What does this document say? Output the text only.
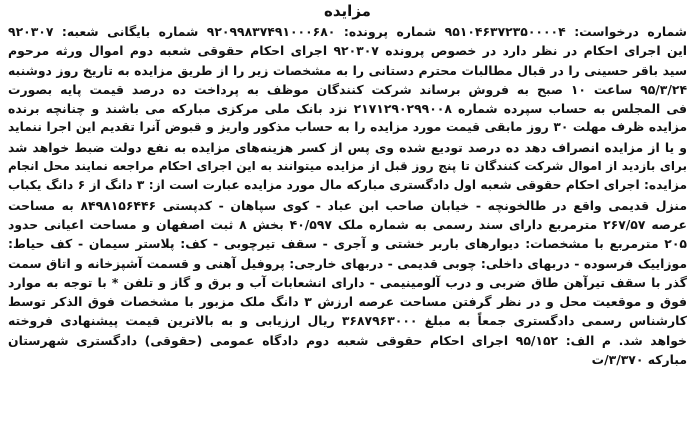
مزایده
شماره درخواست: ۹۵۱۰۴۶۳۷۲۳۵۰۰۰۰۴ شماره پرونده: ۹۲۰۹۹۸۳۷۴۹۱۰۰۰۶۸۰ شماره بایگانی شعبه: ۹۲۰۳۰۷
این اجرای احکام در نظر دارد در خصوص پرونده ۹۲۰۳۰۷ اجرای احکام حقوقی شعبه دوم اموال ورثه مرحوم
سید باقر حسینی را در قبال مطالبات محترم دستانی را به مشخصات زیر را از طریق مزایده به تاریخ روز دوشنبه
۹۵/۳/۲۴ ساعت ۱۰ صبح به فروش برساند شرکت کنندگان موظف به پرداخت ده درصد قیمت پایه بصورت
فی المجلس به حساب سپرده شماره ۲۱۷۱۲۹۰۲۹۹۰۰۸ نزد بانک ملی مرکزی مبارکه می باشند و چنانچه برنده
مزایده ظرف مهلت ۳۰ روز مابقی قیمت مورد مزایده را به حساب مذکور واریز و قبوض آنرا تقدیم این اجرا ننماید
و یا از مزایده انصراف دهد ده درصد تودیع شده وی پس از کسر هزینه‌های مزایده به نفع دولت ضبط خواهد شد
برای بازدید از اموال شرکت کنندگان تا پنج روز قبل از مزایده میتوانند به این اجرای احکام مراجعه نمایند محل انجام
مزایده: اجرای احکام حقوقی شعبه اول دادگستری مبارکه مال مورد مزایده عبارت است از: ۳ دانگ از ۶ دانگ یکباب
منزل قدیمی واقع در طالخونچه - خیابان صاحب ابن عباد - کوی سپاهان - کدپستی ۸۴۹۸۱۵۶۴۴۶ به مساحت
عرصه ۲۶۷/۵۷ مترمربع دارای سند رسمی به شماره ملک ۴۰/۵۹۷ بخش ۸ ثبت اصفهان و مساحت اعیانی حدود
۲۰۵ مترمربع با مشخصات: دیوارهای باربر خشتی و آجری - سقف تیرچوبی - کف: پلاستر سیمان - کف حیاط:
موزاییک فرسوده - دربهای داخلی: چوبی قدیمی - دربهای خارجی: پروفیل آهنی و قسمت آشپزخانه و اتاق سمت
گذر با سقف تیرآهن طاق ضربی و درب آلومینیمی - دارای انشعابات آب و برق و گاز و تلفن * با توجه به موارد
فوق و موقعیت محل و در نظر گرفتن مساحت عرصه ارزش ۳ دانگ ملک مزبور با مشخصات فوق الذکر توسط
کارشناس رسمی دادگستری جمعاً به مبلغ ۳۶۸۷۹۶۳۰۰۰ ریال ارزیابی و به بالاترین قیمت پیشنهادی فروخته
خواهد شد. م الف: ۹۵/۱۵۲ اجرای احکام حقوقی شعبه دوم دادگاه عمومی (حقوقی) دادگستری شهرستان
مبارکه ۳/۳۷۰/ت
